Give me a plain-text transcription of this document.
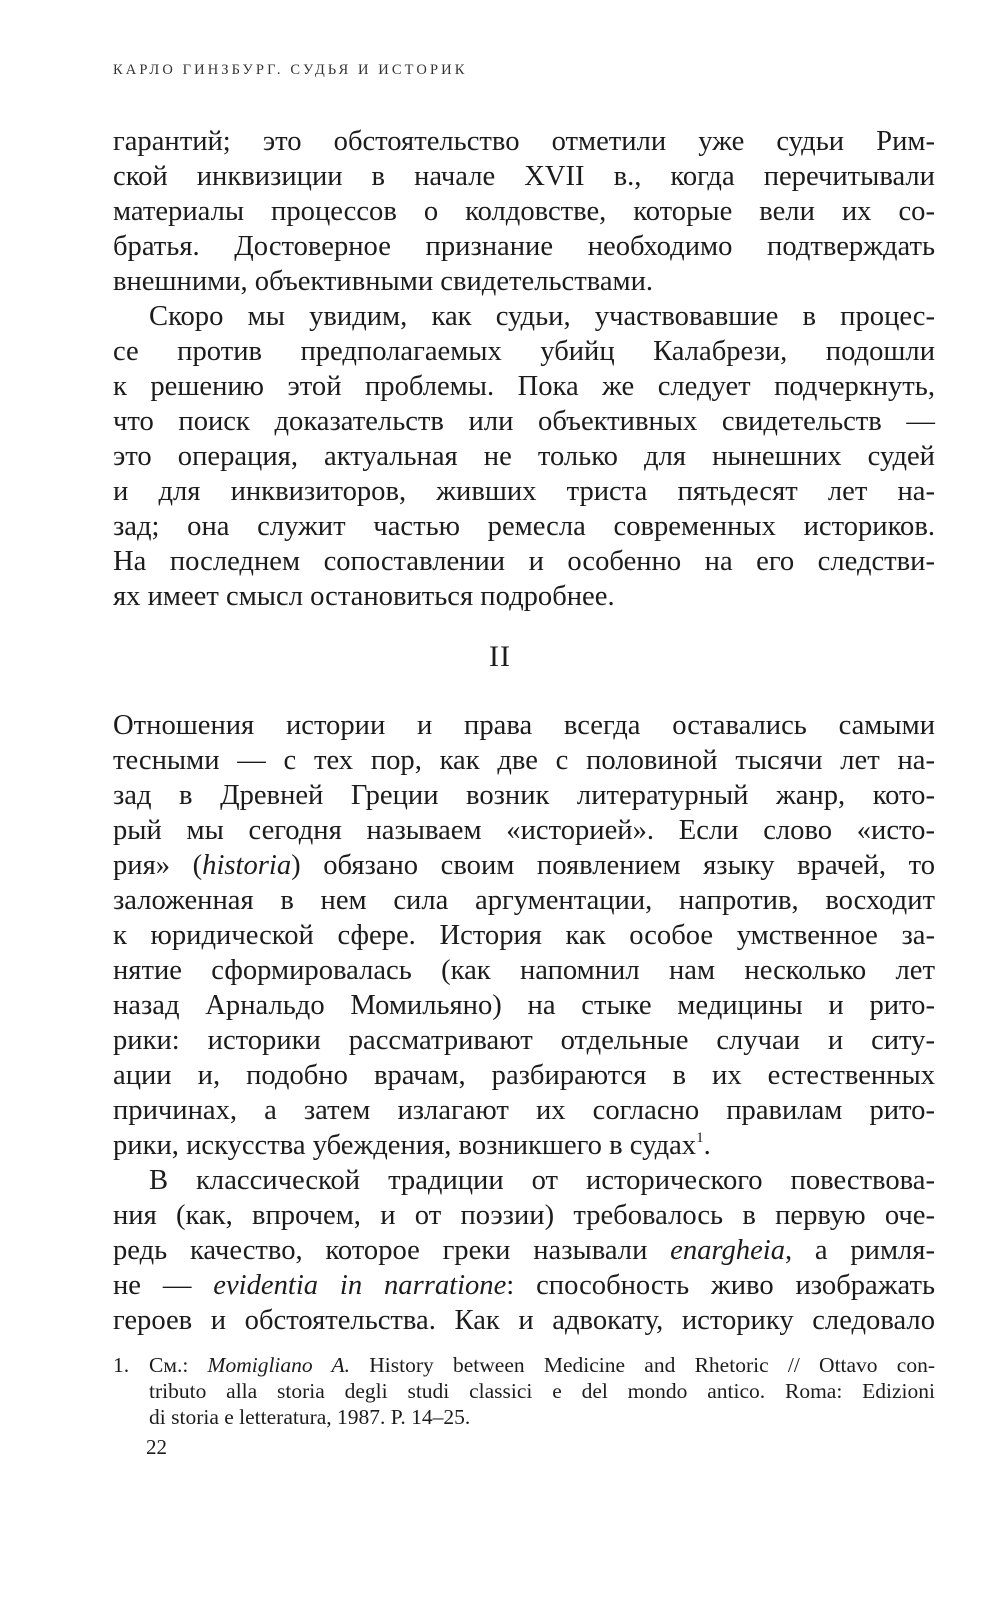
КАРЛО ГИНЗБУРГ. СУДЬЯ И ИСТОРИК
гарантий; это обстоятельство отметили уже судьи Рим-
ской инквизиции в начале XVII в., когда перечитывали
материалы процессов о колдовстве, которые вели их со-
братья. Достоверное признание необходимо подтверждать
внешними, объективными свидетельствами.
Скоро мы увидим, как судьи, участвовавшие в процес-
се против предполагаемых убийц Калабрези, подошли
к решению этой проблемы. Пока же следует подчеркнуть,
что поиск доказательств или объективных свидетельств —
это операция, актуальная не только для нынешних судей
и для инквизиторов, живших триста пятьдесят лет на-
зад; она служит частью ремесла современных историков.
На последнем сопоставлении и особенно на его следстви-
ях имеет смысл остановиться подробнее.
II
Отношения истории и права всегда оставались самыми
тесными — с тех пор, как две с половиной тысячи лет на-
зад в Древней Греции возник литературный жанр, кото-
рый мы сегодня называем «историей». Если слово «исто-
рия» (historia) обязано своим появлением языку врачей, то
заложенная в нем сила аргументации, напротив, восходит
к юридической сфере. История как особое умственное за-
нятие сформировалась (как напомнил нам несколько лет
назад Арнальдо Момильяно) на стыке медицины и рито-
рики: историки рассматривают отдельные случаи и ситу-
ации и, подобно врачам, разбираются в их естественных
причинах, а затем излагают их согласно правилам рито-
рики, искусства убеждения, возникшего в судах$^1$.
В классической традиции от исторического повествова-
ния (как, впрочем, и от поэзии) требовалось в первую оче-
редь качество, которое греки называли enargheia, а римля-
не — evidentia in narratione: способность живо изображать
героев и обстоятельства. Как и адвокату, историку следовало
1. См.: Momigliano A. History between Medicine and Rhetoric // Ottavo con-
tributo alla storia degli studi classici e del mondo antico. Roma: Edizioni
di storia e letteratura, 1987. P. 14–25.
22
